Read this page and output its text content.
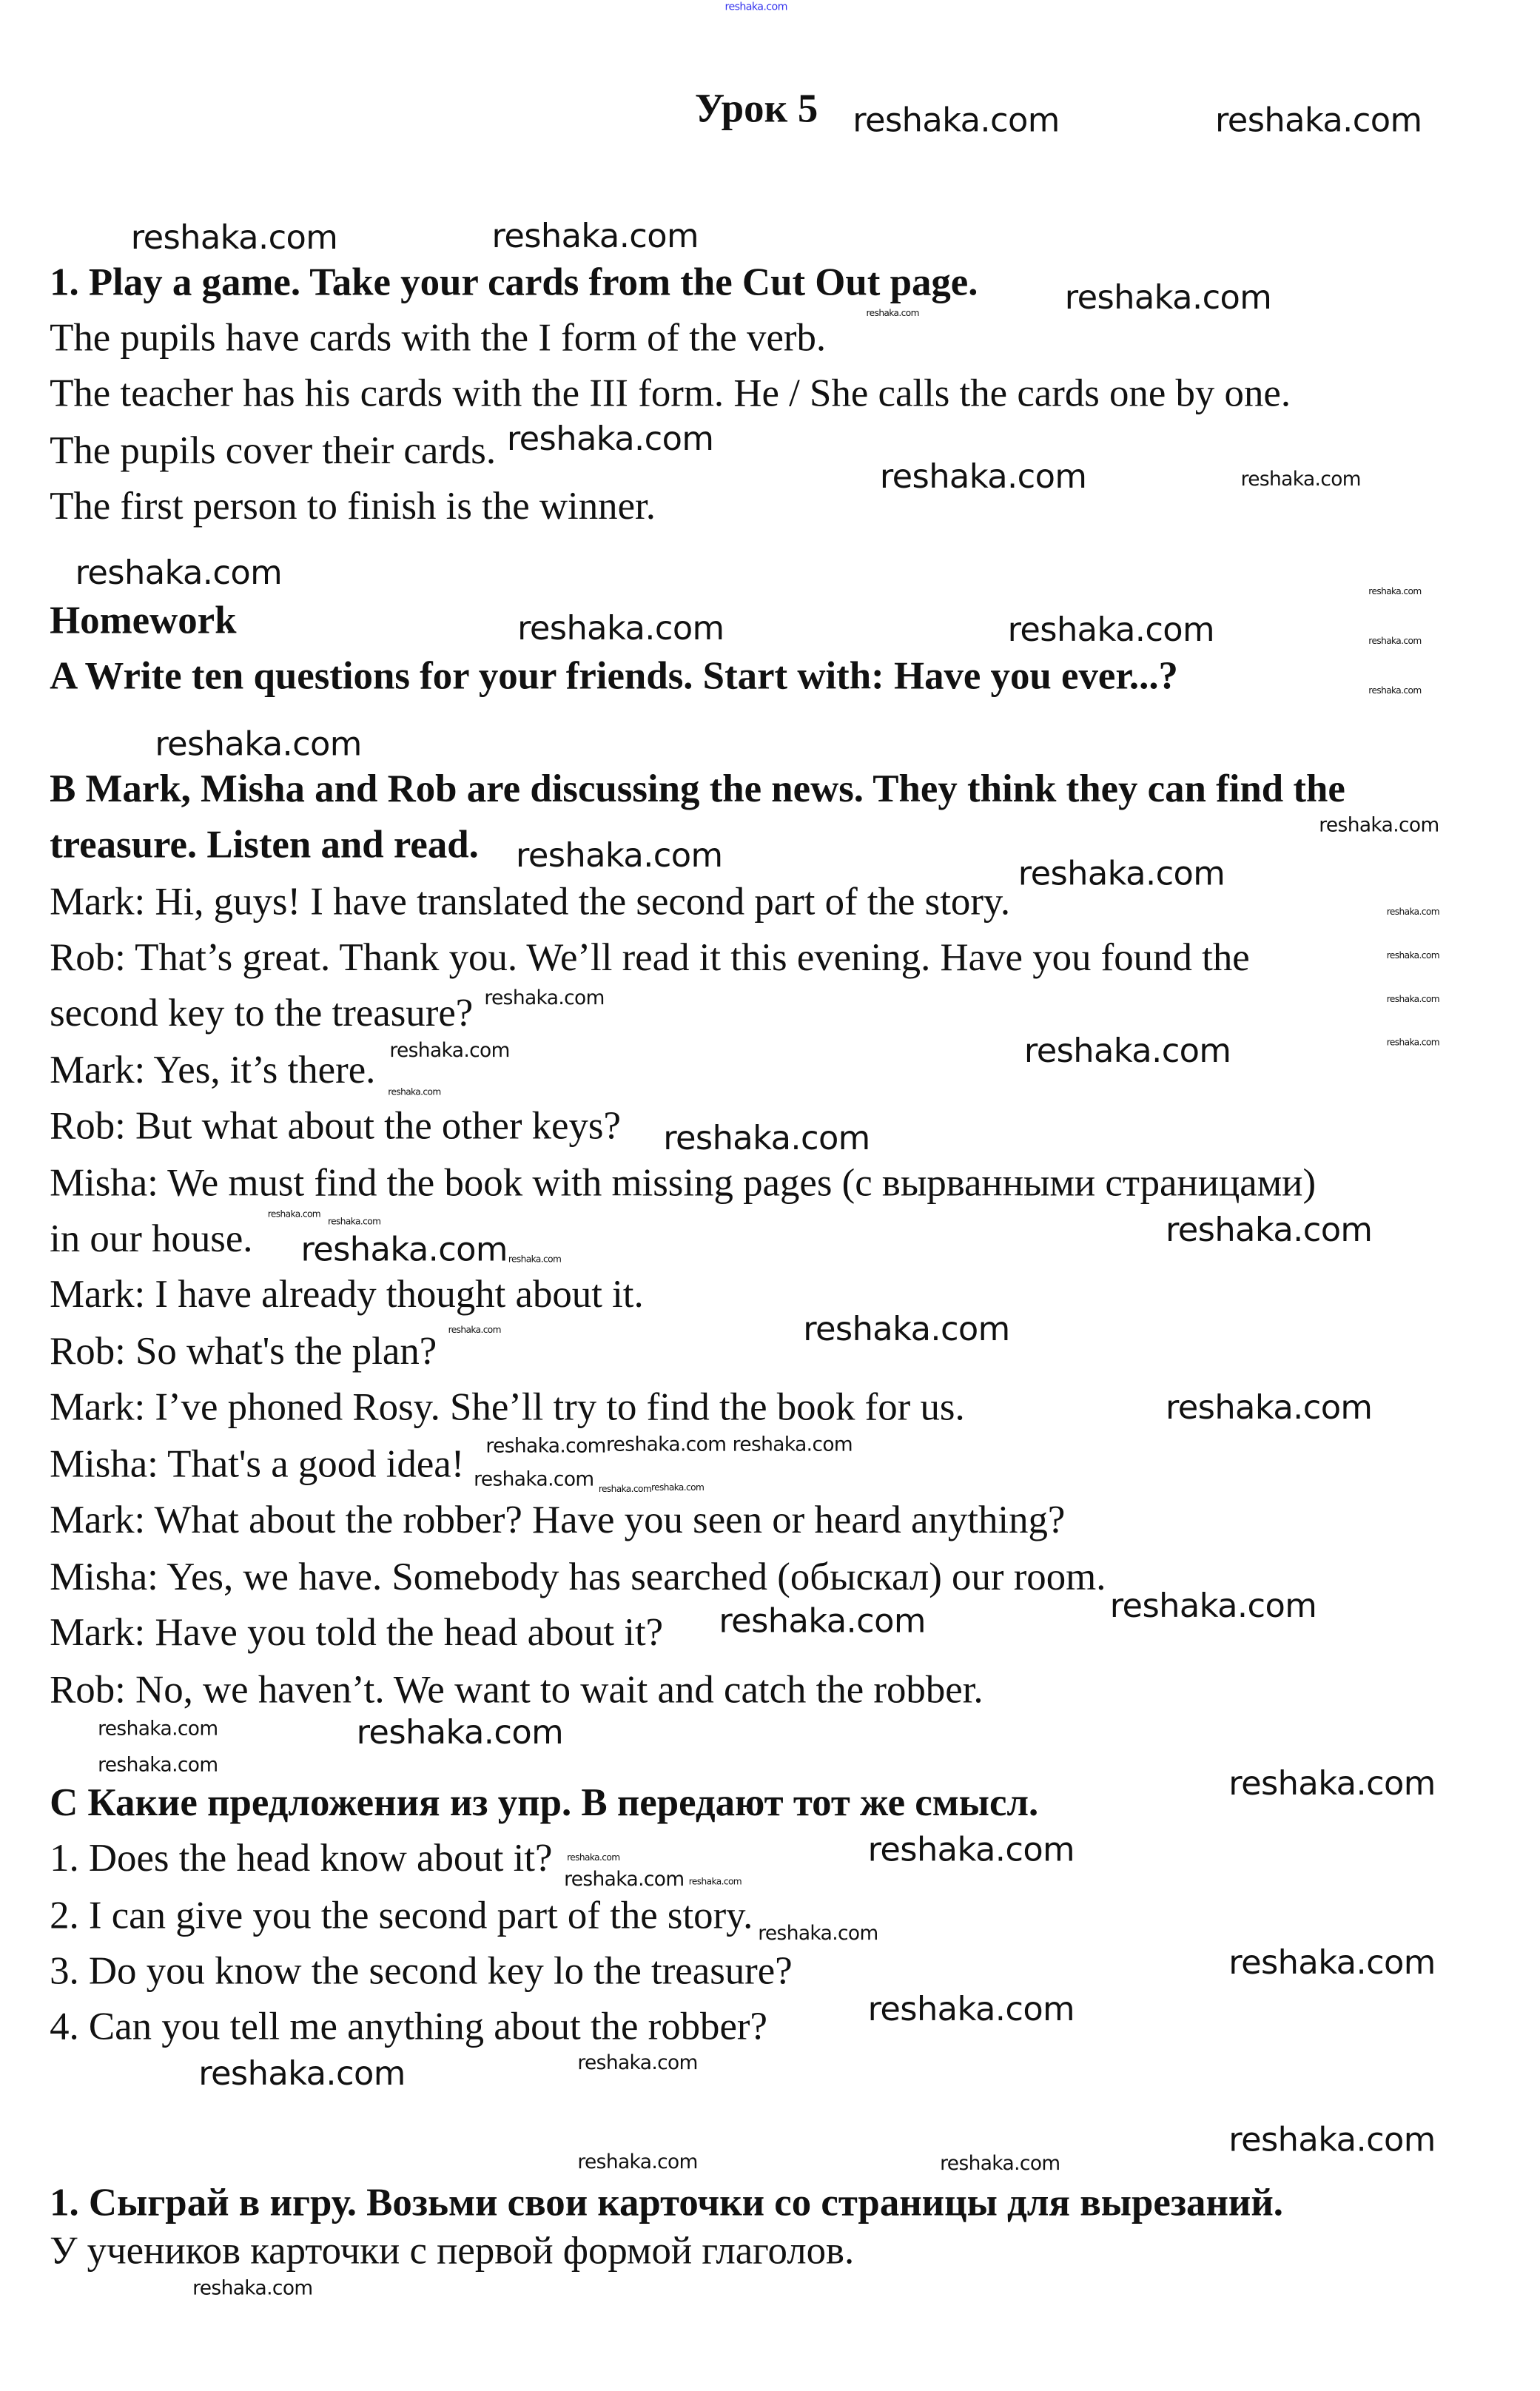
Урок 5
1. Play a game. Take your cards from the Cut Out page.
The pupils have cards with the I form of the verb.
The teacher has his cards with the III form. He / She calls the cards one by one.
The pupils cover their cards.
The first person to finish is the winner.
Homework
A Write ten questions for your friends. Start with: Have you ever...?
B Mark, Misha and Rob are discussing the news. They think they can find the
treasure. Listen and read.
Mark: Hi, guys! I have translated the second part of the story.
Rob: That’s great. Thank you. We’ll read it this evening. Have you found the
second key to the treasure?
Mark: Yes, it’s there.
Rob: But what about the other keys?
Misha: We must find the book with missing pages (с вырванными страницами)
in our house.
Mark: I have already thought about it.
Rob: So what's the plan?
Mark: I’ve phoned Rosy. She’ll try to find the book for us.
Misha: That's a good idea!
Mark: What about the robber? Have you seen or heard anything?
Misha: Yes, we have. Somebody has searched (обыскал) our room.
Mark: Have you told the head about it?
Rob: No, we haven’t. We want to wait and catch the robber.
C Какие предложения из упр. В передают тот же смысл.
1. Does the head know about it?
2. I can give you the second part of the story.
3. Do you know the second key lo the treasure?
4. Can you tell me anything about the robber?
1. Сыграй в игру. Возьми свои карточки со страницы для вырезаний.
У учеников карточки с первой формой глаголов.
reshaka.com
reshaka.com	reshaka.com
reshaka.com	reshaka.com
reshaka.com
reshaka.com
reshaka.com
reshaka.com
reshaka.com	reshaka.com
reshaka.com
reshaka.com	reshaka.com
reshaka.com
reshaka.com
reshaka.com
reshaka.com
reshaka.com
reshaka.com
reshaka.com	reshaka.com
reshaka.com
reshaka.com
reshaka.com
reshaka.com
reshaka.com
reshaka.com
reshaka.com
reshaka.com
reshaka.com
reshaka.com
reshaka.com
reshaka.com
reshaka.com
reshaka.com
reshaka.com
reshaka.com
reshaka.com
reshaka.com
reshaka.com	reshaka.com
reshaka.com
reshaka.com reshaka.com
reshaka.com
reshaka.com
reshaka.com
reshaka.com
reshaka.com
reshaka.com
reshaka.com
reshaka.com
reshaka.com
reshaka.com
reshaka.com
reshaka.com
reshaka.com
reshaka.com reshaka.com
reshaka.com
reshaka.com
